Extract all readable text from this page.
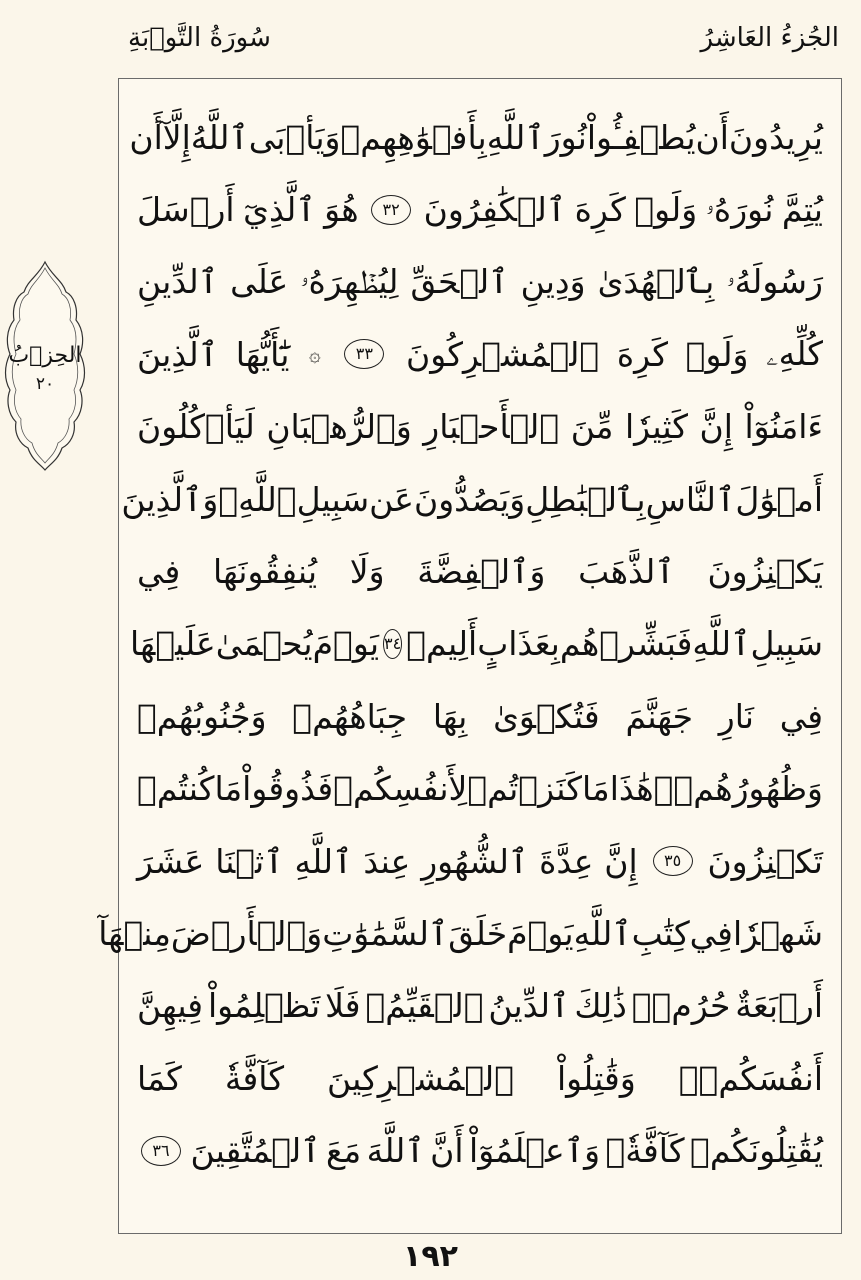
الجُزءُ العَاشِرُ
سُورَةُ التَّوۡبَةِ
الحِزۡبُ
٢٠
يُرِيدُونَ
أَن
يُطۡفِـُٔواْ
نُورَ
ٱللَّهِ
بِأَفۡوَٰهِهِمۡ
وَيَأۡبَى
ٱللَّهُ
إِلَّآ
أَن
يُتِمَّ
نُورَهُۥ
وَلَوۡ
كَرِهَ
ٱلۡكَٰفِرُونَ
٣٢
هُوَ
ٱلَّذِيٓ
أَرۡسَلَ
رَسُولَهُۥ
بِٱلۡهُدَىٰ
وَدِينِ
ٱلۡحَقِّ
لِيُظۡهِرَهُۥ
عَلَى
ٱلدِّينِ
كُلِّهِۦ
وَلَوۡ
كَرِهَ
ٱلۡمُشۡرِكُونَ
٣٣
۞
يَٰٓأَيُّهَا
ٱلَّذِينَ
ءَامَنُوٓاْ
إِنَّ
كَثِيرٗا
مِّنَ
ٱلۡأَحۡبَارِ
وَٱلرُّهۡبَانِ
لَيَأۡكُلُونَ
أَمۡوَٰلَ
ٱلنَّاسِ
بِٱلۡبَٰطِلِ
وَيَصُدُّونَ
عَن
سَبِيلِ
ٱللَّهِۗ
وَٱلَّذِينَ
يَكۡنِزُونَ
ٱلذَّهَبَ
وَٱلۡفِضَّةَ
وَلَا
يُنفِقُونَهَا
فِي
سَبِيلِ
ٱللَّهِ
فَبَشِّرۡهُم
بِعَذَابٍ
أَلِيمٖ
٣٤
يَوۡمَ
يُحۡمَىٰ
عَلَيۡهَا
فِي
نَارِ
جَهَنَّمَ
فَتُكۡوَىٰ
بِهَا
جِبَاهُهُمۡ
وَجُنُوبُهُمۡ
وَظُهُورُهُمۡۖ
هَٰذَا
مَا
كَنَزۡتُمۡ
لِأَنفُسِكُمۡ
فَذُوقُواْ
مَا
كُنتُمۡ
تَكۡنِزُونَ
٣٥
إِنَّ
عِدَّةَ
ٱلشُّهُورِ
عِندَ
ٱللَّهِ
ٱثۡنَا
عَشَرَ
شَهۡرٗا
فِي
كِتَٰبِ
ٱللَّهِ
يَوۡمَ
خَلَقَ
ٱلسَّمَٰوَٰتِ
وَٱلۡأَرۡضَ
مِنۡهَآ
أَرۡبَعَةٌ
حُرُمٞۚ
ذَٰلِكَ
ٱلدِّينُ
ٱلۡقَيِّمُۚ
فَلَا
تَظۡلِمُواْ
فِيهِنَّ
أَنفُسَكُمۡۚ
وَقَٰتِلُواْ
ٱلۡمُشۡرِكِينَ
كَآفَّةٗ
كَمَا
يُقَٰتِلُونَكُمۡ
كَآفَّةٗۚ
وَٱعۡلَمُوٓاْ
أَنَّ
ٱللَّهَ
مَعَ
ٱلۡمُتَّقِينَ
٣٦
١٩٢
